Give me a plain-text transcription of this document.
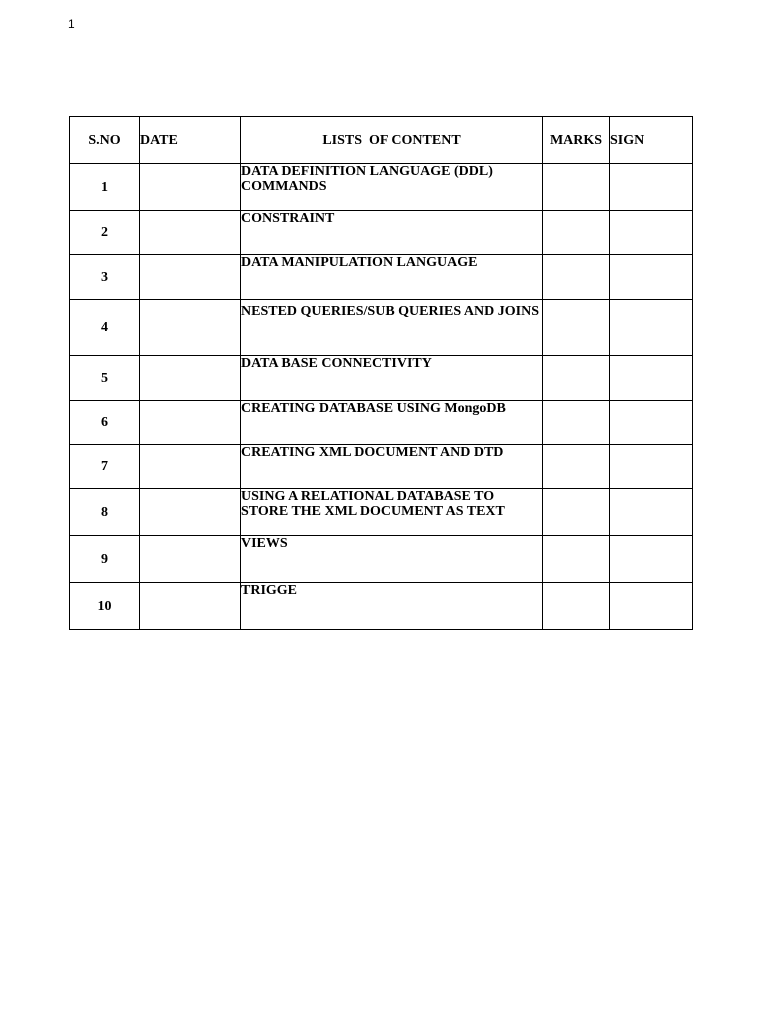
1
S.NO	DATE	LISTS  OF CONTENT	MARKS	SIGN
1		DATA DEFINITION LANGUAGE (DDL) COMMANDS		
2		CONSTRAINT		
3		DATA MANIPULATION LANGUAGE		
4		NESTED QUERIES/SUB QUERIES AND JOINS		
5		DATA BASE CONNECTIVITY		
6		CREATING DATABASE USING MongoDB		
7		CREATING XML DOCUMENT AND DTD		
8		USING A RELATIONAL DATABASE TO STORE THE XML DOCUMENT AS TEXT		
9		VIEWS		
10		TRIGGE		
